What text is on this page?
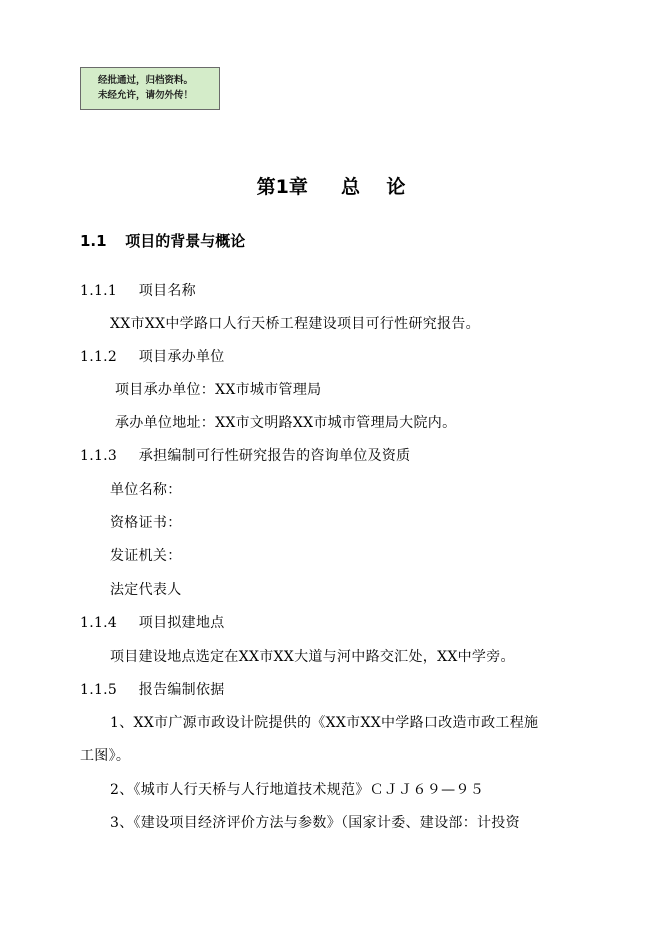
经批通过，归档资料。
未经允许，请勿外传！
第1章 总    论
1.1 项目的背景与概论
1.1.1 项目名称
XX市XX中学路口人行天桥工程建设项目可行性研究报告。
1.1.2 项目承办单位
项目承办单位：XX市城市管理局
承办单位地址：XX市文明路XX市城市管理局大院内。
1.1.3 承担编制可行性研究报告的咨询单位及资质
单位名称：
资格证书：
发证机关：
法定代表人
1.1.4 项目拟建地点
项目建设地点选定在XX市XX大道与河中路交汇处，XX中学旁。
1.1.5 报告编制依据
1、XX市广源市政设计院提供的《XX市XX中学路口改造市政工程施
工图》。
2、《城市人行天桥与人行地道技术规范》ＣＪＪ６９—９５
3、《建设项目经济评价方法与参数》（国家计委、建设部：计投资
